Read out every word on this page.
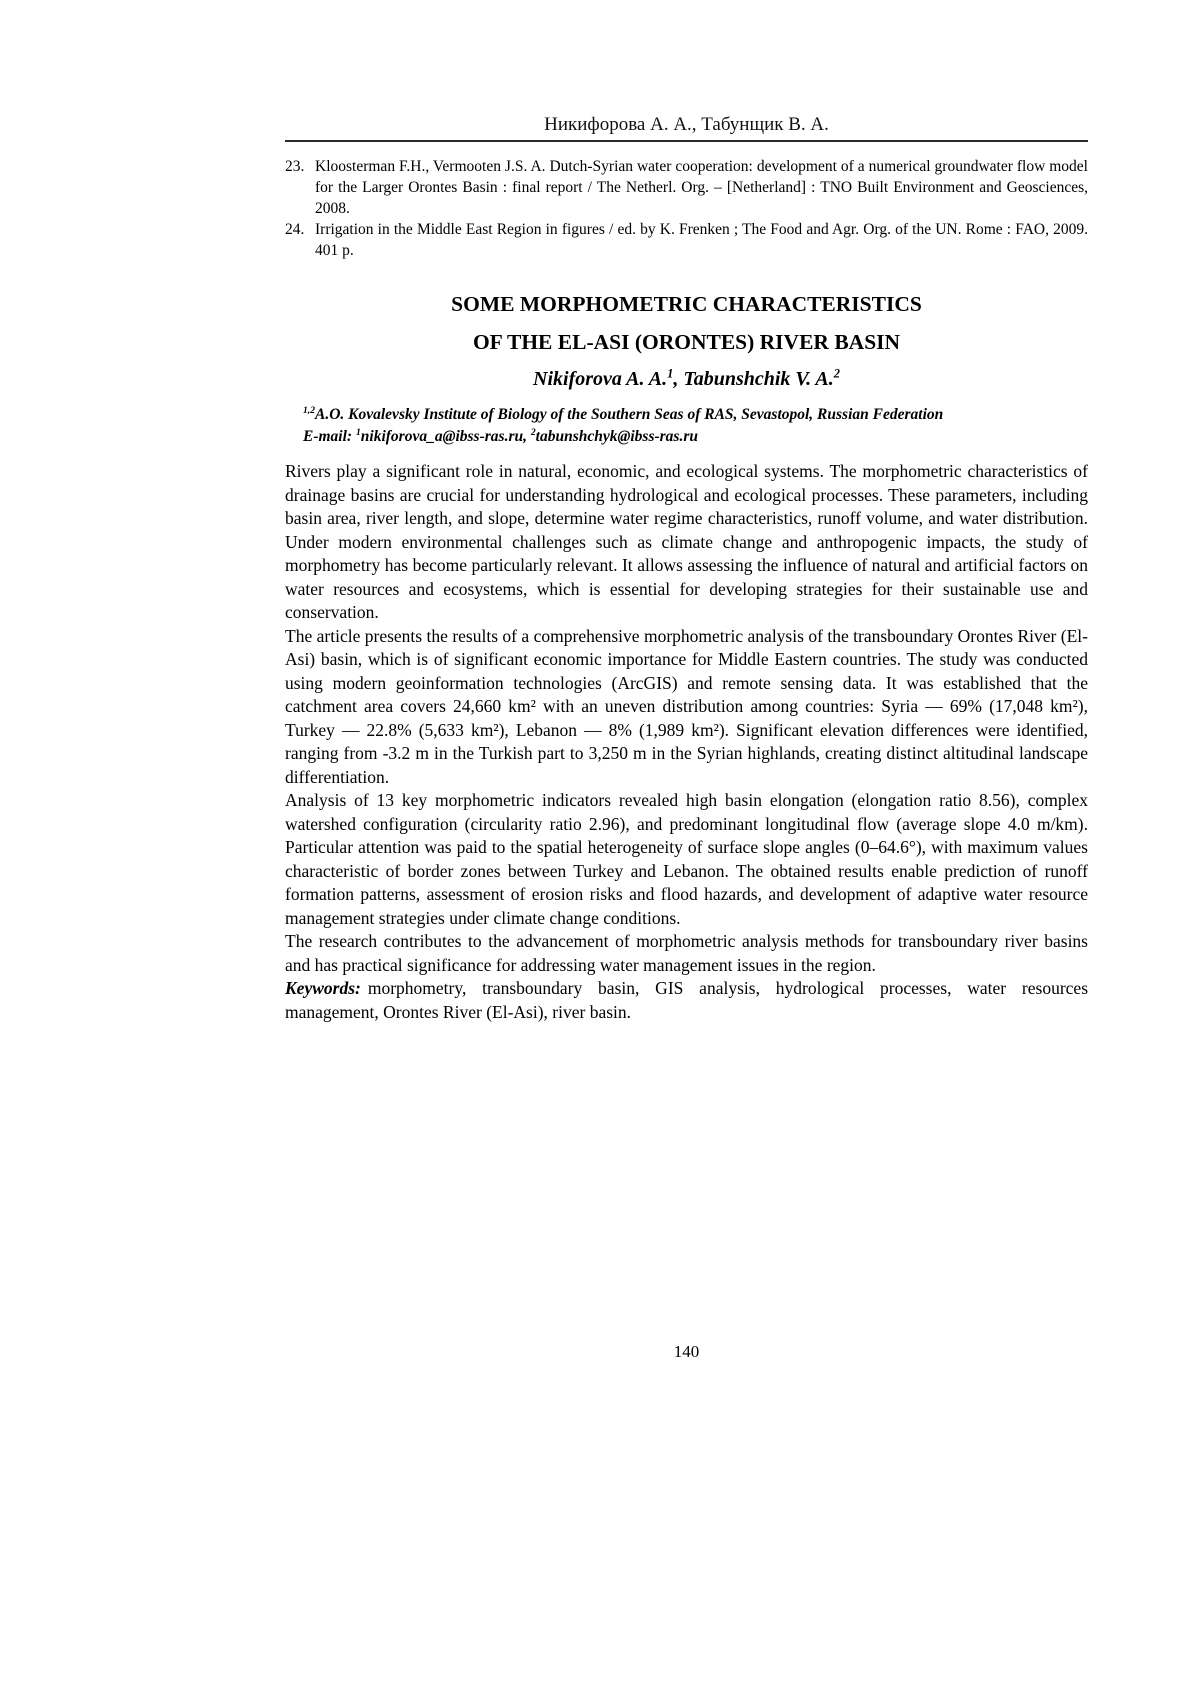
Никифорова А. А., Табунщик В. А.
23. Kloosterman F.H., Vermooten J.S. A. Dutch-Syrian water cooperation: development of a numerical groundwater flow model for the Larger Orontes Basin : final report / The Netherl. Org. – [Netherland] : TNO Built Environment and Geosciences, 2008.
24. Irrigation in the Middle East Region in figures / ed. by K. Frenken ; The Food and Agr. Org. of the UN. Rome : FAO, 2009. 401 p.
SOME MORPHOMETRIC CHARACTERISTICS
OF THE EL-ASI (ORONTES) RIVER BASIN
Nikiforova A. A.$^1$, Tabunshchik V. A.$^2$
$^{1,2}$A.O. Kovalevsky Institute of Biology of the Southern Seas of RAS, Sevastopol, Russian Federation
E-mail: $^1$nikiforova_a@ibss-ras.ru, $^2$tabunshchyk@ibss-ras.ru

Rivers play a significant role in natural, economic, and ecological systems. The morphometric characteristics of drainage basins are crucial for understanding hydrological and ecological processes. These parameters, including basin area, river length, and slope, determine water regime characteristics, runoff volume, and water distribution. Under modern environmental challenges such as climate change and anthropogenic impacts, the study of morphometry has become particularly relevant. It allows assessing the influence of natural and artificial factors on water resources and ecosystems, which is essential for developing strategies for their sustainable use and conservation.

The article presents the results of a comprehensive morphometric analysis of the transboundary Orontes River (El-Asi) basin, which is of significant economic importance for Middle Eastern countries. The study was conducted using modern geoinformation technologies (ArcGIS) and remote sensing data. It was established that the catchment area covers 24,660 km² with an uneven distribution among countries: Syria — 69% (17,048 km²), Turkey — 22.8% (5,633 km²), Lebanon — 8% (1,989 km²). Significant elevation differences were identified, ranging from -3.2 m in the Turkish part to 3,250 m in the Syrian highlands, creating distinct altitudinal landscape differentiation.

Analysis of 13 key morphometric indicators revealed high basin elongation (elongation ratio 8.56), complex watershed configuration (circularity ratio 2.96), and predominant longitudinal flow (average slope 4.0 m/km). Particular attention was paid to the spatial heterogeneity of surface slope angles (0–64.6°), with maximum values characteristic of border zones between Turkey and Lebanon. The obtained results enable prediction of runoff formation patterns, assessment of erosion risks and flood hazards, and development of adaptive water resource management strategies under climate change conditions.

The research contributes to the advancement of morphometric analysis methods for transboundary river basins and has practical significance for addressing water management issues in the region.

Keywords: morphometry, transboundary basin, GIS analysis, hydrological processes, water resources management, Orontes River (El-Asi), river basin.

140
